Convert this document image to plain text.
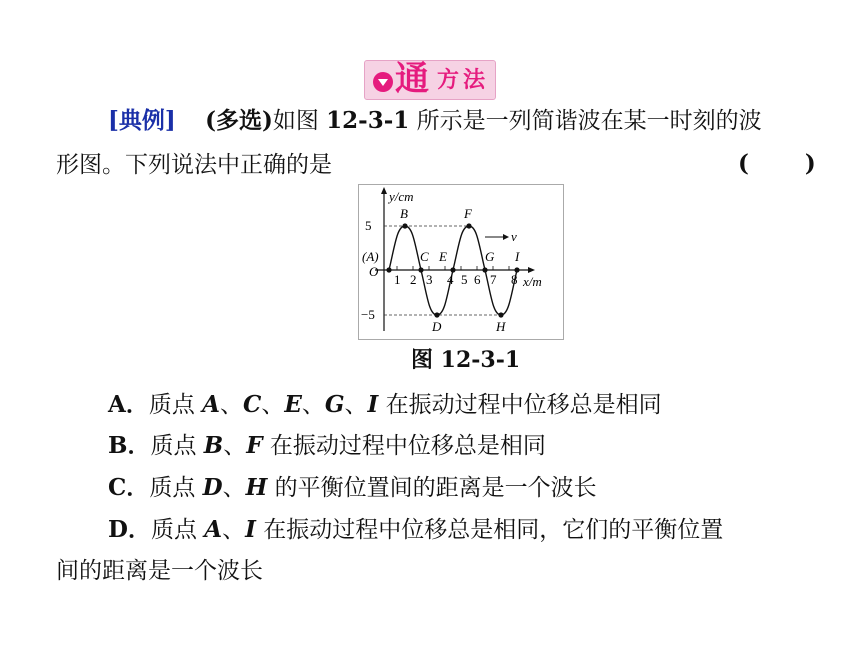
通 方法
[典例] (多选)如图 12-3-1 所示是一列简谐波在某一时刻的波
形图。下列说法中正确的是	(       )
y/cm
x/m
5
−5
O
1 2 3 4 5 6 7 8
(A)
B
C
D
E
F
G
H
I
v
图 12-3-1
A．质点 A、C、E、G、I 在振动过程中位移总是相同
B．质点 B、F 在振动过程中位移总是相同
C．质点 D、H 的平衡位置间的距离是一个波长
D．质点 A、I 在振动过程中位移总是相同，它们的平衡位置
间的距离是一个波长
